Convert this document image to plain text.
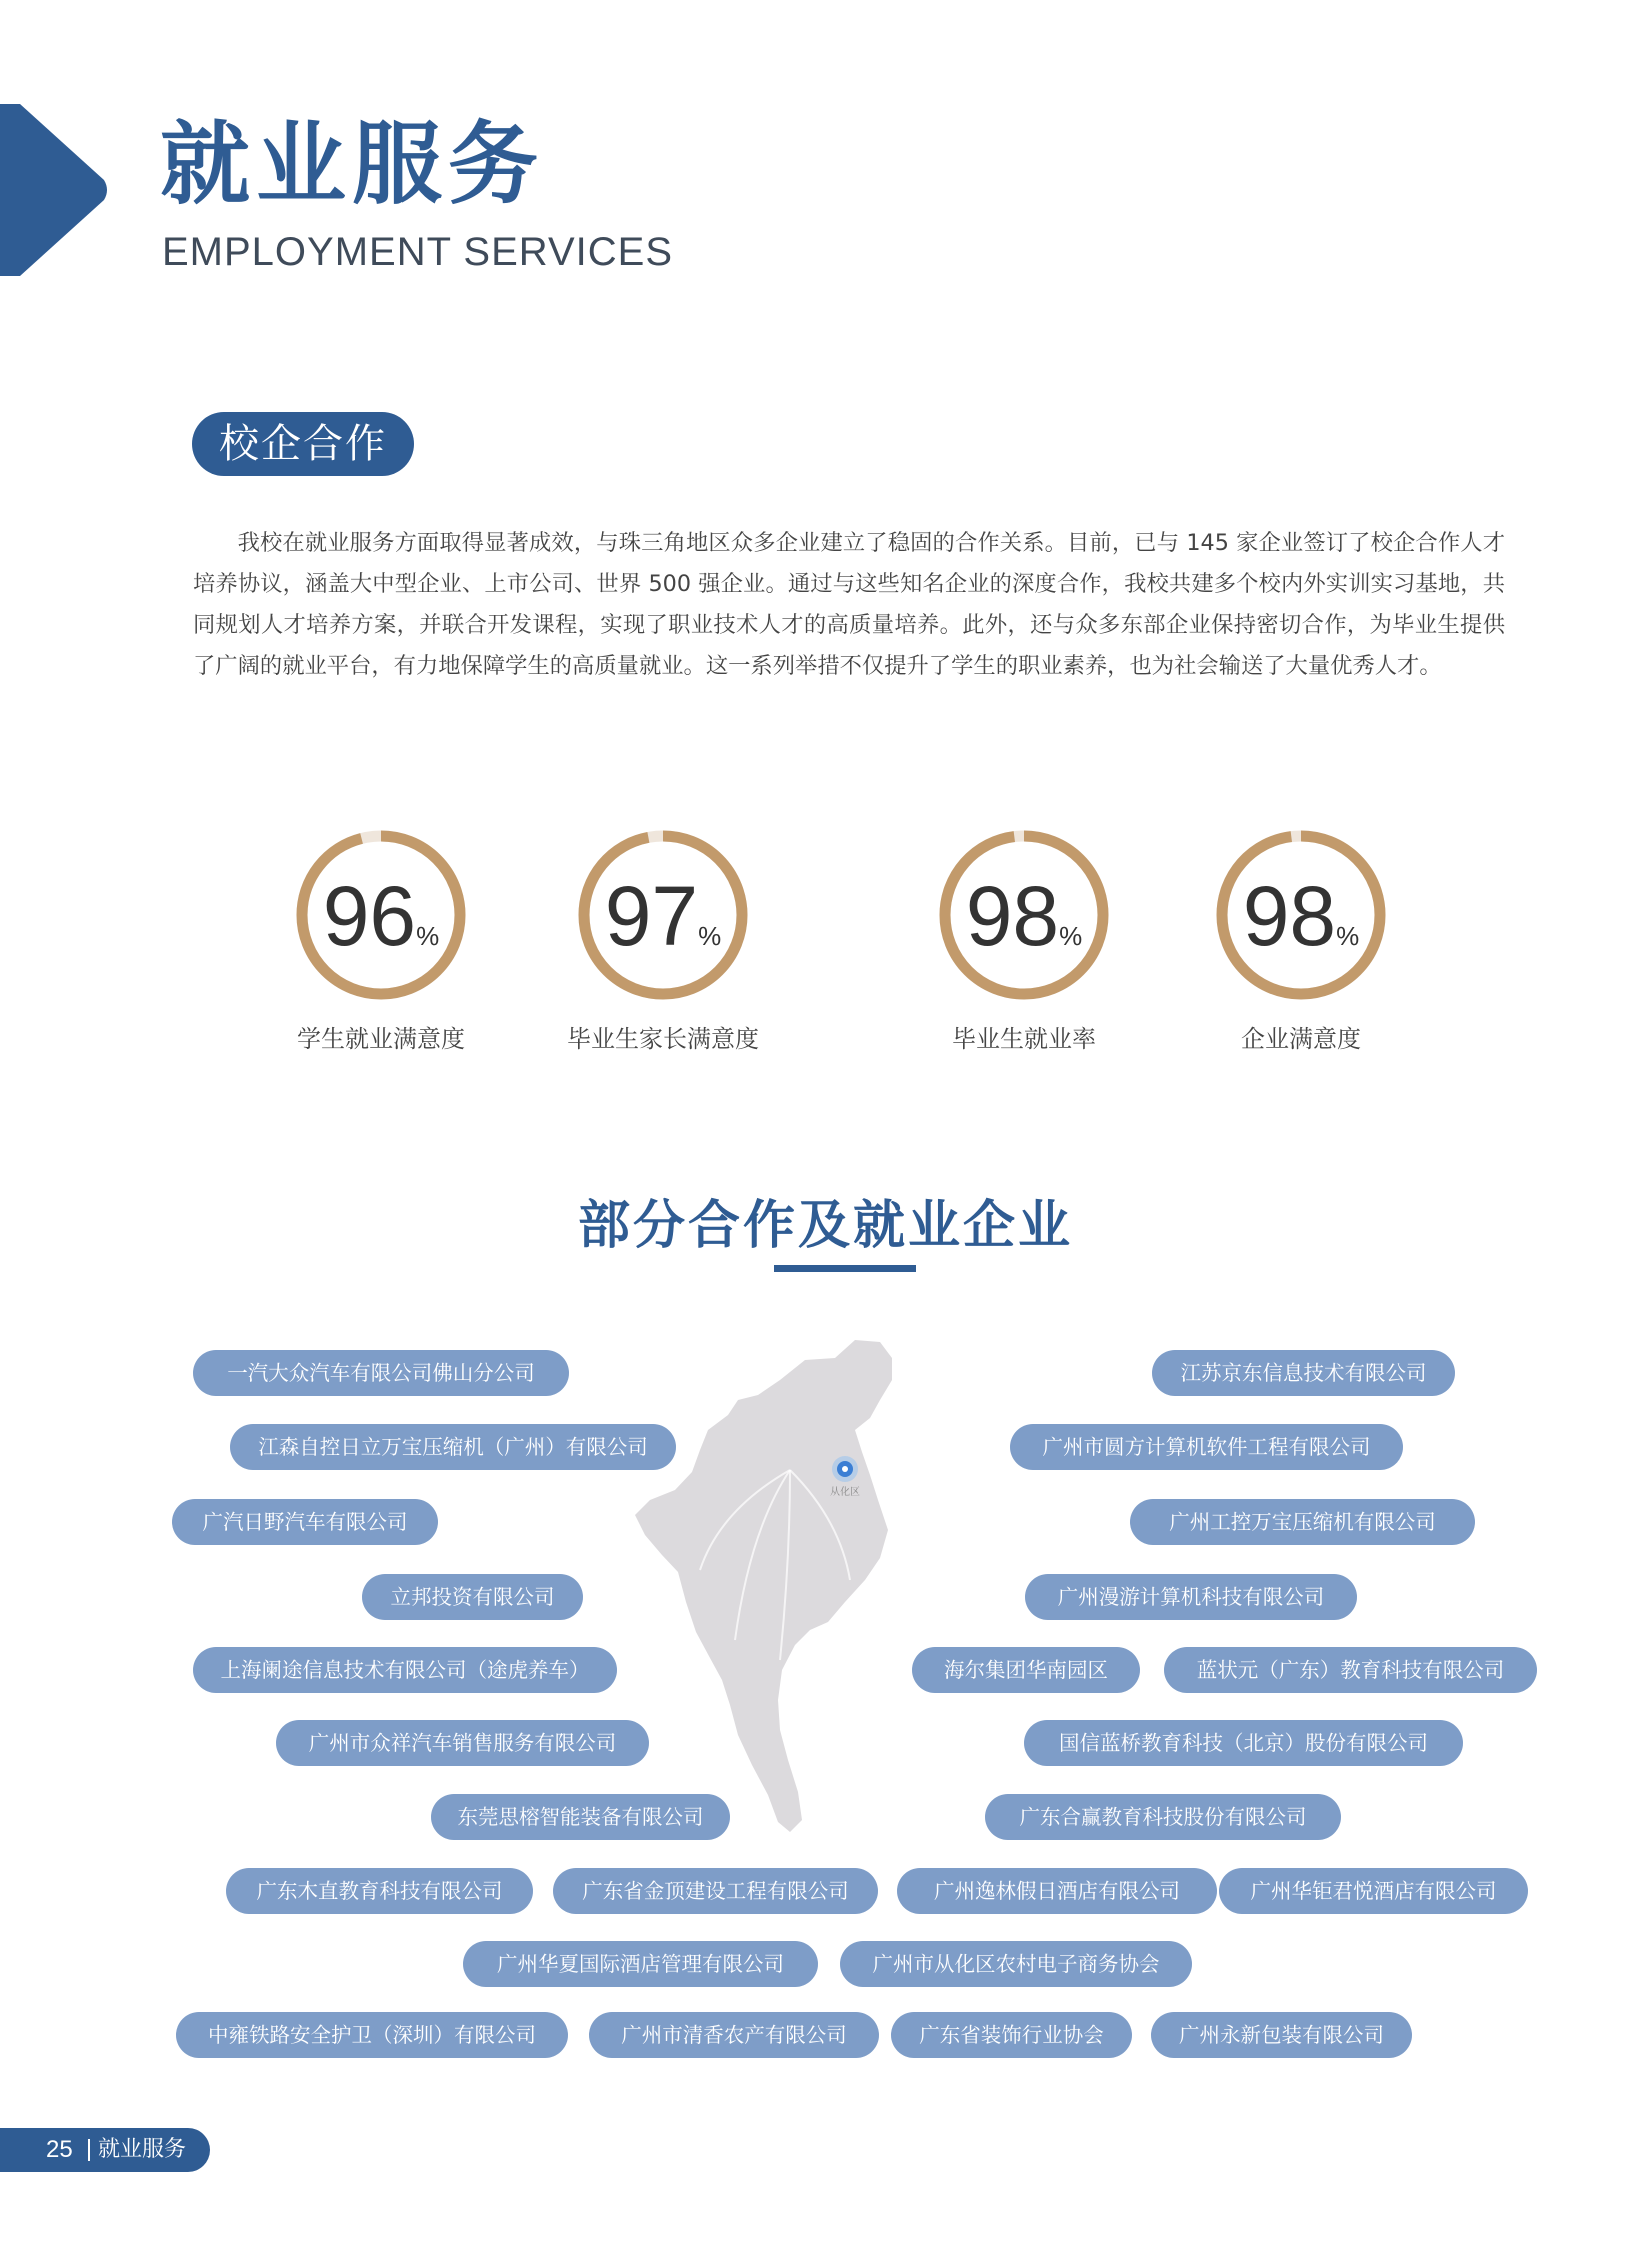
就业服务
EMPLOYMENT SERVICES
校企合作

我校在就业服务方面取得显著成效，与珠三角地区众多企业建立了稳固的合作关系。目前，已与 145 家企业签订了校企合作人才培养协议，涵盖大中型企业、上市公司、世界 500 强企业。通过与这些知名企业的深度合作，我校共建多个校内外实训实习基地，共同规划人才培养方案，并联合开发课程，实现了职业技术人才的高质量培养。此外，还与众多东部企业保持密切合作，为毕业生提供了广阔的就业平台，有力地保障学生的高质量就业。这一系列举措不仅提升了学生的职业素养，也为社会输送了大量优秀人才。

96%	97%	98%	98%
学生就业满意度	毕业生家长满意度	毕业生就业率	企业满意度
部分合作及就业企业
从化区
一汽大众汽车有限公司佛山分公司	江苏京东信息技术有限公司
江森自控日立万宝压缩机（广州）有限公司	广州市圆方计算机软件工程有限公司
广汽日野汽车有限公司	广州工控万宝压缩机有限公司
立邦投资有限公司	广州漫游计算机科技有限公司
上海阑途信息技术有限公司（途虎养车）	海尔集团华南园区	蓝状元（广东）教育科技有限公司
广州市众祥汽车销售服务有限公司	国信蓝桥教育科技（北京）股份有限公司
东莞思榕智能装备有限公司	广东合赢教育科技股份有限公司
广东木直教育科技有限公司	广东省金顶建设工程有限公司	广州逸林假日酒店有限公司	广州华钜君悦酒店有限公司
广州华夏国际酒店管理有限公司	广州市从化区农村电子商务协会
中雍铁路安全护卫（深圳）有限公司	广州市清香农产有限公司	广东省装饰行业协会	广州永新包装有限公司
25 就业服务
